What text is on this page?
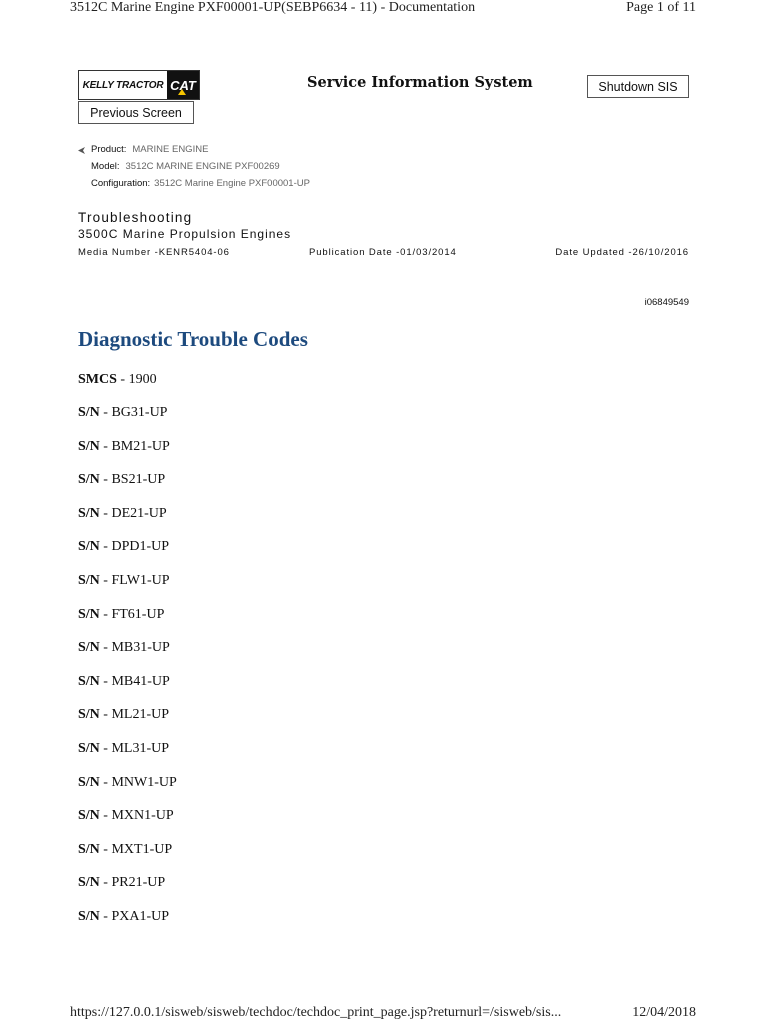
3512C Marine Engine PXF00001-UP(SEBP6634 - 11) - Documentation	Page 1 of 11
KELLY TRACTOR CAT	Service Information System	Shutdown SIS
Previous Screen
Product: MARINE ENGINE
Model: 3512C MARINE ENGINE PXF00269
Configuration: 3512C Marine Engine PXF00001-UP
Troubleshooting
3500C Marine Propulsion Engines
Media Number -KENR5404-06	Publication Date -01/03/2014	Date Updated -26/10/2016
i06849549
Diagnostic Trouble Codes
SMCS - 1900
S/N - BG31-UP
S/N - BM21-UP
S/N - BS21-UP
S/N - DE21-UP
S/N - DPD1-UP
S/N - FLW1-UP
S/N - FT61-UP
S/N - MB31-UP
S/N - MB41-UP
S/N - ML21-UP
S/N - ML31-UP
S/N - MNW1-UP
S/N - MXN1-UP
S/N - MXT1-UP
S/N - PR21-UP
S/N - PXA1-UP
https://127.0.0.1/sisweb/sisweb/techdoc/techdoc_print_page.jsp?returnurl=/sisweb/sis...	12/04/2018
